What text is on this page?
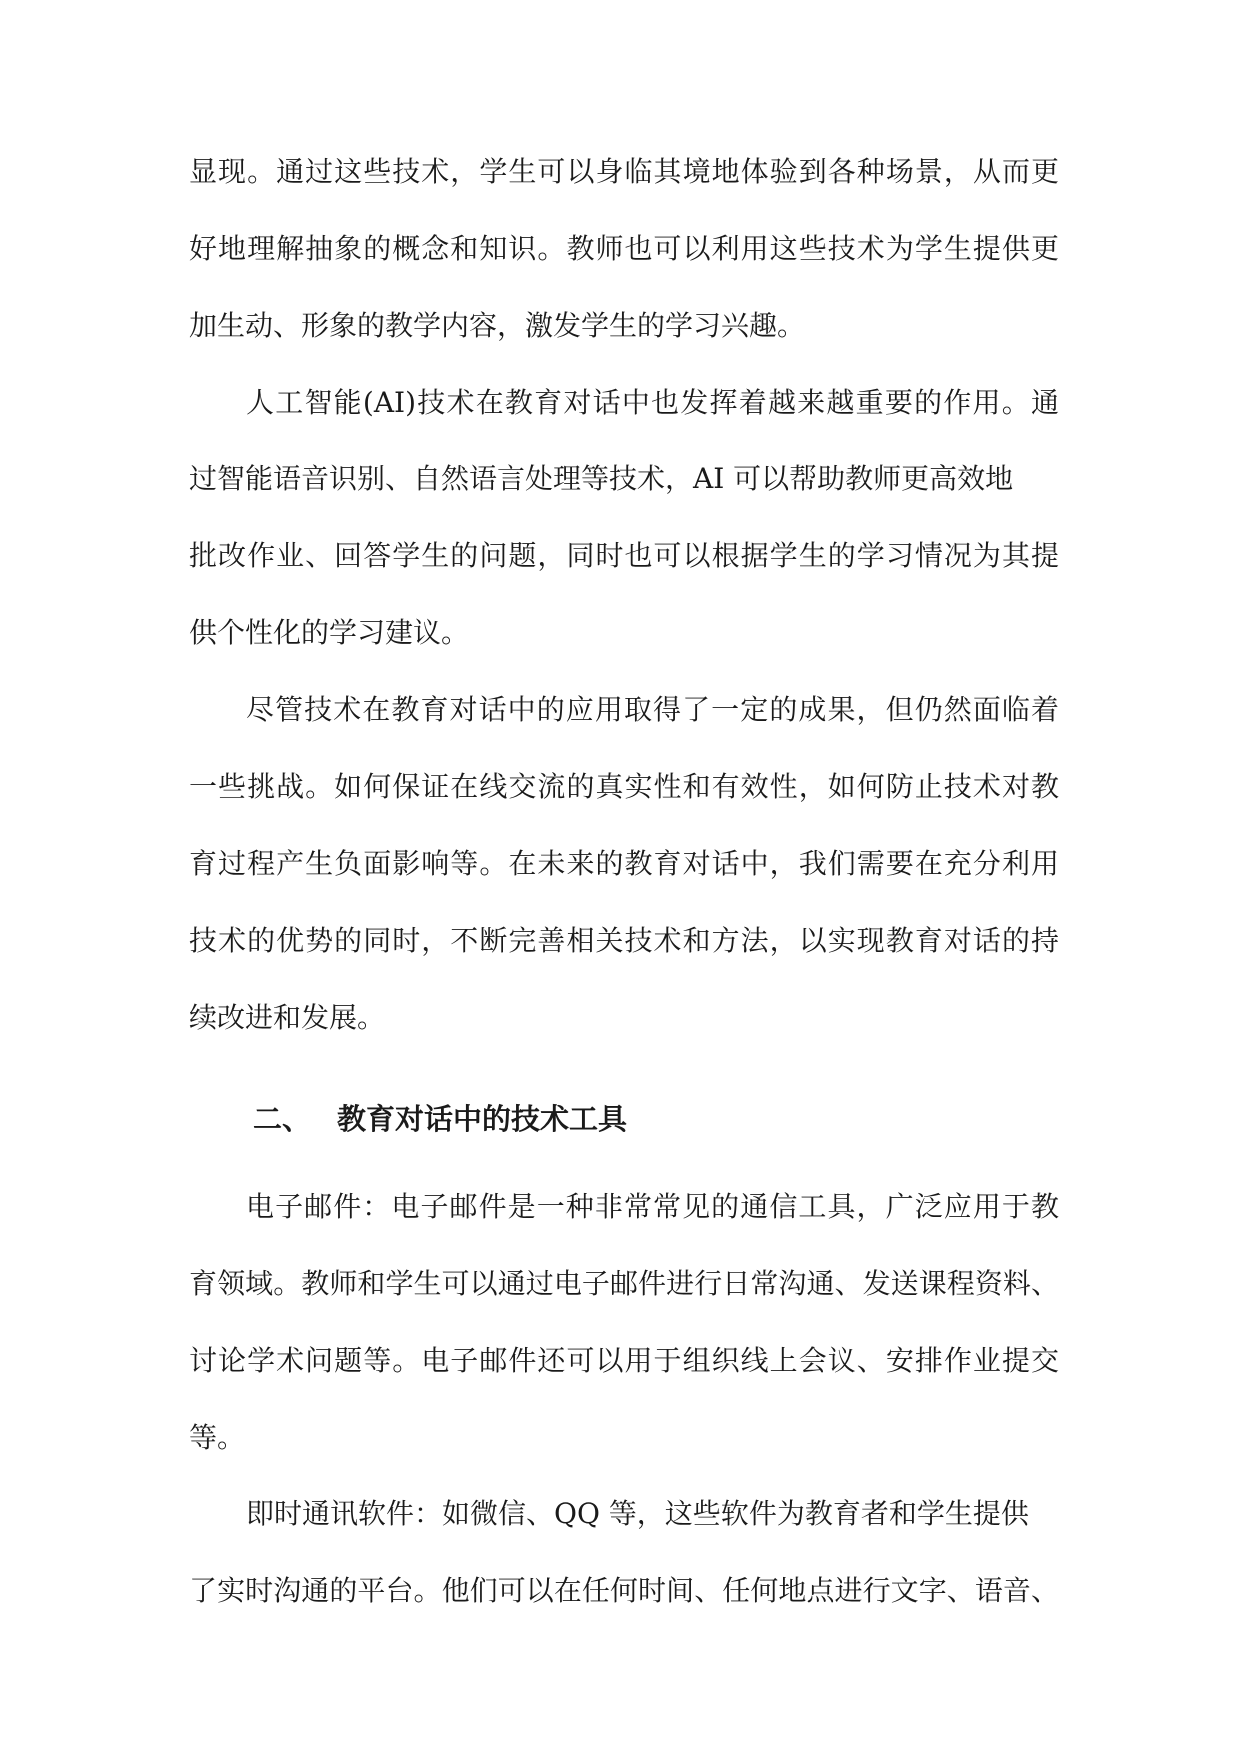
显现。通过这些技术，学生可以身临其境地体验到各种场景，从而更
好地理解抽象的概念和知识。教师也可以利用这些技术为学生提供更
加生动、形象的教学内容，激发学生的学习兴趣。
人工智能(AI)技术在教育对话中也发挥着越来越重要的作用。通
过智能语音识别、自然语言处理等技术，AI 可以帮助教师更高效地
批改作业、回答学生的问题，同时也可以根据学生的学习情况为其提
供个性化的学习建议。
尽管技术在教育对话中的应用取得了一定的成果，但仍然面临着
一些挑战。如何保证在线交流的真实性和有效性，如何防止技术对教
育过程产生负面影响等。在未来的教育对话中，我们需要在充分利用
技术的优势的同时，不断完善相关技术和方法，以实现教育对话的持
续改进和发展。
二、 教育对话中的技术工具
电子邮件：电子邮件是一种非常常见的通信工具，广泛应用于教
育领域。教师和学生可以通过电子邮件进行日常沟通、发送课程资料、
讨论学术问题等。电子邮件还可以用于组织线上会议、安排作业提交
等。
即时通讯软件：如微信、QQ 等，这些软件为教育者和学生提供
了实时沟通的平台。他们可以在任何时间、任何地点进行文字、语音、
